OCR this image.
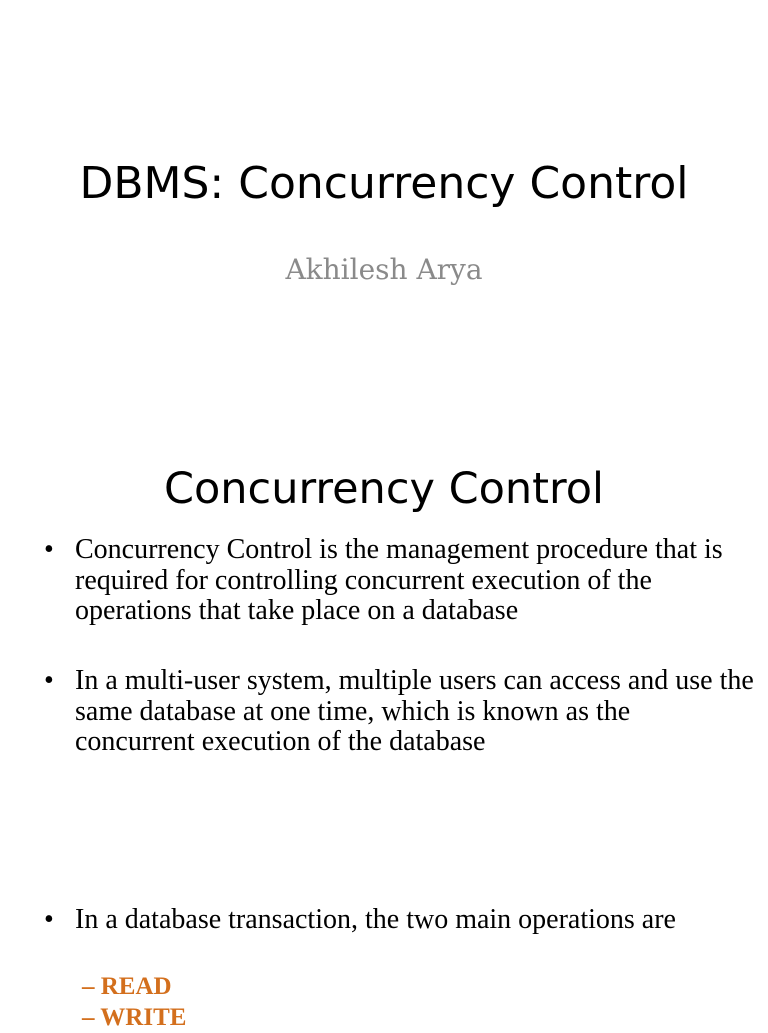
DBMS: Concurrency Control
Akhilesh Arya
Concurrency Control
• Concurrency Control is the management procedure that is required for controlling concurrent execution of the operations that take place on a database
• In a multi-user system, multiple users can access and use the same database at one time, which is known as the concurrent execution of the database
• In a database transaction, the two main operations are
– READ
– WRITE
